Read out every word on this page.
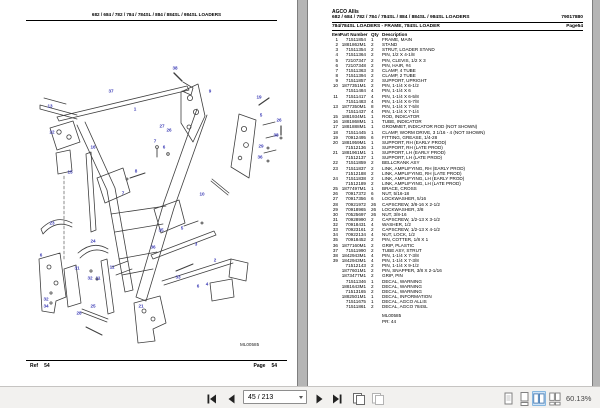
682 / 684 / 782 / 784 / 784SL / 884 / 884SL / 984SL LOADERS
38
37	9
13
19
1
5
26
22
27
26
38
16
7
29
6
36
15	8
10
7
23
35	5
24
3
36
6
2
31	11
32 11	33
4
6
32
34	25	21
28
ML00585
Ref 54	Page 54
AGCO Allis
682 / 684 / 782 / 784 / 784SL / 884 / 884SL / 984SL LOADERS	79017880
784/784SL LOADERS - FRAME, 784SL LOADER	Page54
Item
Part Number Qty Description
1	71511854	1	FRAME, MAIN
2 1881862M1	2	STAND
3	71511354	2	STRUT, LOADER STAND
4	71511364	2	PIN, 1/2 X 4-1/8
5	72107347	2	PIN, CLEVIS, 1/2 X 3
6	72107348	2	PIN, HAIR, #4
7	71511363	3	CLAMP, 4 TUBE
8	71511394	2	CLAMP, 2 TUBE
9	71511857	2	SUPPORT, UPRIGHT
10 1877351M1	2	PIN, 1-1/4 X 6-1/2
71511484	4	PIN, 1-1/4 X 6
11	71511417	4	PIN, 1-1/4 X 6-5/8
71511483	4	PIN, 1-1/4 X 6-7/8
13 1877350M1	8	PIN, 1-1/4 X 7-5/8
71511437	4	PIN, 1-1/4 X 7-1/4
15 1881934M1	1	ROD, INDICATOR
16 1881868M1	1	TUBE, INDICATOR
17 1881888M1	1	GROMMET, INDICATOR ROD (NOT SHOWN)
18	71511445	1	CLAMP, WORM DRIVE, 3 1/16 - 4 (NOT SHOWN)
19	70912495	6	FITTING, GREASE, 1/4-28
20 1881959M1	1	SUPPORT, RH (EARLY PROD)
71512136	1	SUPPORT, RH (LATE PROD)
21 1881961M1	1	SUPPORT, LH (EARLY PROD)
71512137	1	SUPPORT, LH (LATE PROD)
22	71511859	2	BELLCRANK ASY
23	71511837	2	LINK, AMPLIFYING, RH (EARLY PROD)
71512188	2	LINK, AMPLIFYING, RH (LATE PROD)
24	71511838	2	LINK, AMPLIFYING, LH (EARLY PROD)
71512189	2	LINK, AMPLIFYING, LH (LATE PROD)
25 1877497M1	1	BRACE, CROSS
26	70917372	6	NUT, 5/16-18
27	70917356	6	LOCKWASHER, 5/16
28	70921972	26	CAPSCREW, 3/8-16 X 2-1/2
29	70918965	26	LOCKWASHER, 3/8
30	70525697	26	NUT, 3/8-16
31	70928990	2	CAPSCREW, 1/2-13 X 3-1/2
32	70918431	4	WASHER, 1/2
33	70923161	2	CAPSCREW, 1/2-13 X 4-1/2
34	70922134	4	NUT, LOCK, 1/2
35	70918452	2	PIN, COTTER, 1/8 X 1
36 1877160M1	2	GRIP, PLASTIC
37	71511990	2	TUBE ASY, STRUT
38 1842943M1	4	PIN, 1-1/4 X 7-3/8
39 1842943M1	4	PIN, 1-1/4 X 7-3/8
71512143	2	PIN, 1-1/4 X 9-1/2
1877601M1	2	PIN, SNAPPER, 3/8 X 2-1/16
1873477M1	2	GRIP, PIN
71511346	1	DECAL, WARNING
1881643M1	2	DECAL, WARNING
71513165	2	DECAL, WARNING
1882501M1	1	DECAL, INFORMATION
71511675	1	DECAL, AGCO ALLIS
71511861	2	DECAL, AGCO 784SL
ML00585
PR: 44
45 / 213
60.13%
